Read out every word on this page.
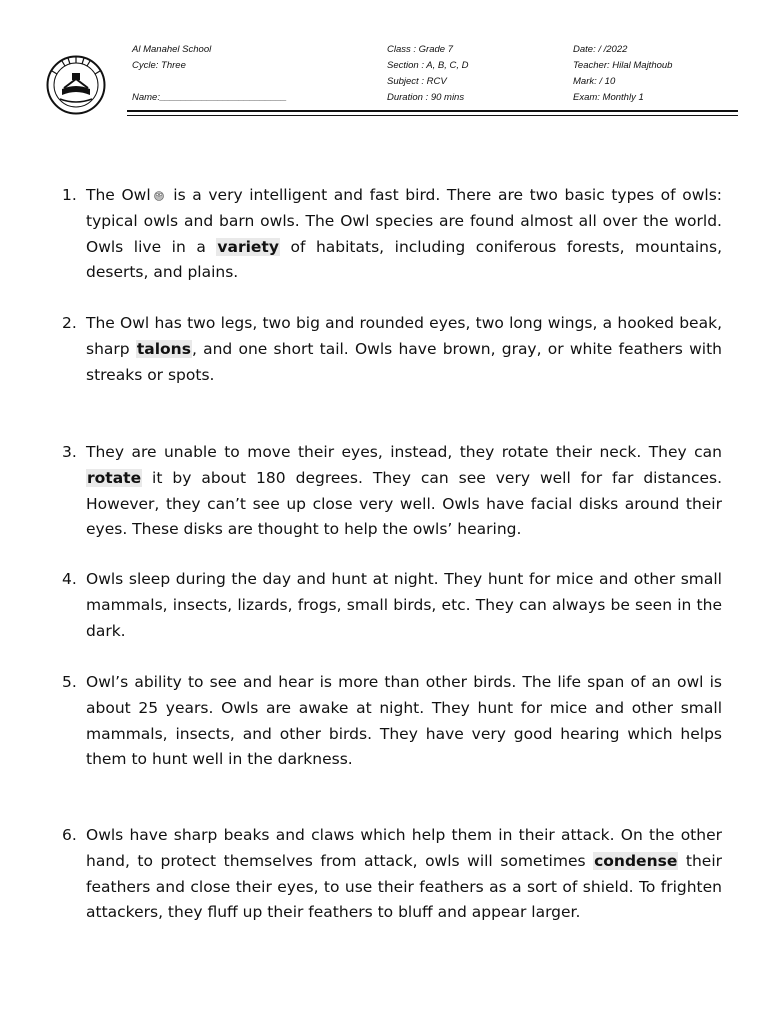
Al Manahel School
Cycle: Three
Name:________________________
Class : Grade 7
Section : A, B, C, D
Subject : RCV
Duration : 90 mins
Date: / /2022
Teacher: Hilal Majthoub
Mark: / 10
Exam: Monthly 1
1. The Owl is a very intelligent and fast bird. There are two basic types of owls: typical owls and barn owls. The Owl species are found almost all over the world. Owls live in a variety of habitats, including coniferous forests, mountains, deserts, and plains.
2. The Owl has two legs, two big and rounded eyes, two long wings, a hooked beak, sharp talons, and one short tail. Owls have brown, gray, or white feathers with streaks or spots.
3. They are unable to move their eyes, instead, they rotate their neck. They can rotate it by about 180 degrees. They can see very well for far distances. However, they can’t see up close very well. Owls have facial disks around their eyes. These disks are thought to help the owls’ hearing.
4. Owls sleep during the day and hunt at night. They hunt for mice and other small mammals, insects, lizards, frogs, small birds, etc. They can always be seen in the dark.
5. Owl’s ability to see and hear is more than other birds. The life span of an owl is about 25 years. Owls are awake at night. They hunt for mice and other small mammals, insects, and other birds. They have very good hearing which helps them to hunt well in the darkness.
6. Owls have sharp beaks and claws which help them in their attack. On the other hand, to protect themselves from attack, owls will sometimes condense their feathers and close their eyes, to use their feathers as a sort of shield. To frighten attackers, they fluff up their feathers to bluff and appear larger.
